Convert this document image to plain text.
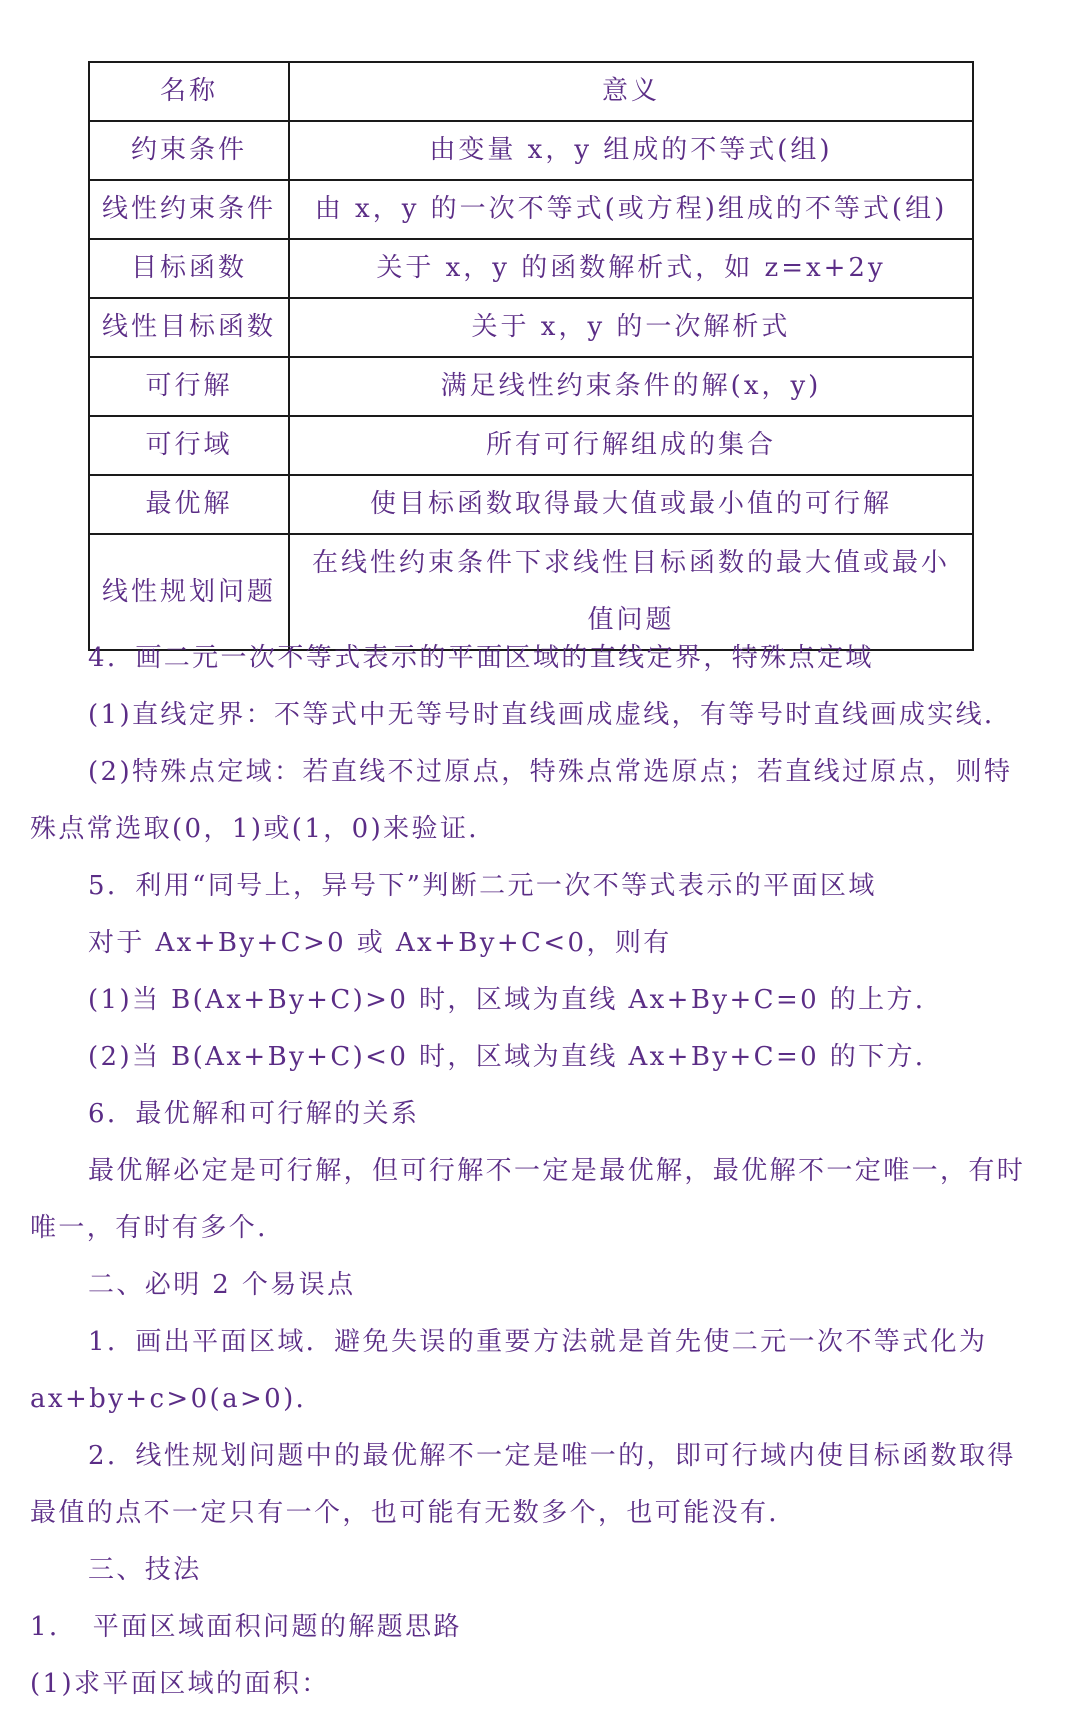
名称	意义
约束条件	由变量 x，y 组成的不等式(组)
线性约束条件	由 x，y 的一次不等式(或方程)组成的不等式(组)
目标函数	关于 x，y 的函数解析式，如 z=x+2y
线性目标函数	关于 x，y 的一次解析式
可行解	满足线性约束条件的解(x，y)
可行域	所有可行解组成的集合
最优解	使目标函数取得最大值或最小值的可行解
线性规划问题	在线性约束条件下求线性目标函数的最大值或最小值问题

4．画二元一次不等式表示的平面区域的直线定界，特殊点定域

(1)直线定界：不等式中无等号时直线画成虚线，有等号时直线画成实线．

(2)特殊点定域：若直线不过原点，特殊点常选原点；若直线过原点，则特殊点常选取(0，1)或(1，0)来验证．

5．利用“同号上，异号下”判断二元一次不等式表示的平面区域

对于 Ax+By+C>0 或 Ax+By+C<0，则有

(1)当 B(Ax+By+C)>0 时，区域为直线 Ax+By+C=0 的上方．

(2)当 B(Ax+By+C)<0 时，区域为直线 Ax+By+C=0 的下方．

6．最优解和可行解的关系

最优解必定是可行解，但可行解不一定是最优解，最优解不一定唯一，有时唯一，有时有多个．

二、必明 2 个易误点

1．画出平面区域．避免失误的重要方法就是首先使二元一次不等式化为 ax+by+c>0(a>0)．

2．线性规划问题中的最优解不一定是唯一的，即可行域内使目标函数取得最值的点不一定只有一个，也可能有无数多个，也可能没有．

三、技法

1．　平面区域面积问题的解题思路

(1)求平面区域的面积：
